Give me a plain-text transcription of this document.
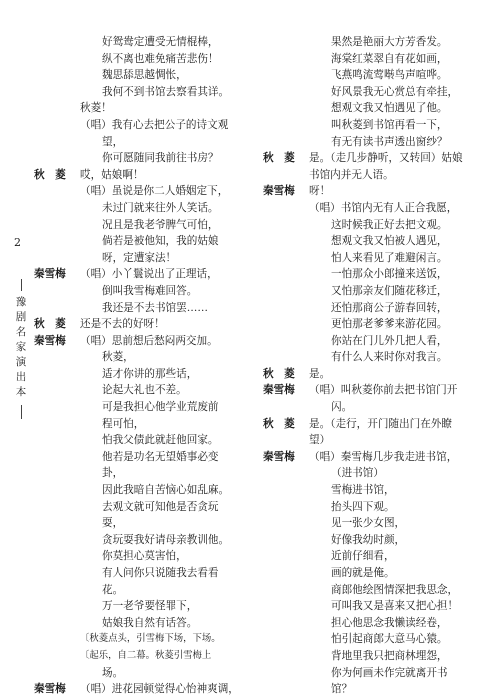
2
豫
剧
名
家
演
出
本
好鸳鸯定遭受无情棍棒，
纵不离也难免痛苦悲伤！
魏思舔思越惆怅，
我何不到书馆去察看其详。
秋菱！
（唱）我有心去把公子的诗文观
望，
你可愿随同我前往书房？
秋　菱 哎，姑娘啊！
（唱）虽说是你二人婚姻定下，
未过门就来往外人笑话。
况且是我老爷脾气可怕，
倘若是被他知，我的姑娘
呀，定遭家法！
秦雪梅 （唱）小丫鬟说出了正理话，
倒叫我雪梅难回答。
我还是不去书馆罢……
秋　菱 还是不去的好呀！
秦雪梅 （唱）思前想后愁闷两交加。
秋菱，
适才你讲的那些话，
论起大礼也不差。
可是我担心他学业荒废前
程可怕，
怕我父债此就赶他回家。
他若是功名无望婚事必变
卦，
因此我暗自苦恼心如乱麻。
去观文就可知他是否贪玩
耍，
贪玩耍我好请母亲教训他。
你莫担心莫害怕，
有人问你只说随我去看看
花。
万一老爷要怪罪下，
姑娘我自然有话答。
〔秋菱点头，引雪梅下场，下场。
〔起乐，自二幕。秋菱引雪梅上
场。
秦雪梅 （唱）进花园顿觉得心怡神爽调，
果然是艳丽大方芳香发。
海棠红菜翠自有花如画，
飞燕鸣流莺啭鸟声喧哗。
好风景我无心赏总有牵挂，
想观文我又怕遇见了他。
叫秋菱到书馆再看一下，
有无有读书声透出窗纱？
秋　菱 是。（走几步静听，又转回）姑娘
书馆内并无人语。
秦雪梅 呀！
（唱）书馆内无有人正合我愿，
这时候我正好去把文观。
想观文我又怕被人遇见，
怕人来看见了难避闲言。
一怕那众小郎撞来送饭，
又怕那亲友们随花移迁，
还怕那商公子游春回转，
更怕那老爹爹来游花园。
你站在门儿外几把人看，
有什么人来时你对我言。
秋　菱 是。
秦雪梅 （唱）叫秋菱你前去把书馆门开
闪。
秋　菱 是。（走行，开门随出门在外瞭
望）
秦雪梅 （唱）秦雪梅几步我走进书馆，
（进书馆）
雪梅进书馆，
抬头四下观。
见一张少女图，
好像我幼时颜，
近前仔细看，
画的就是俺。
商郎他绘图情深把我思念，
可叫我又是喜来又把心担！
担心他思念我懒读经卷，
怕引起商郎大意马心猿。
背地里我只把商林埋怨，
你为何画未作完就离开书
馆？
